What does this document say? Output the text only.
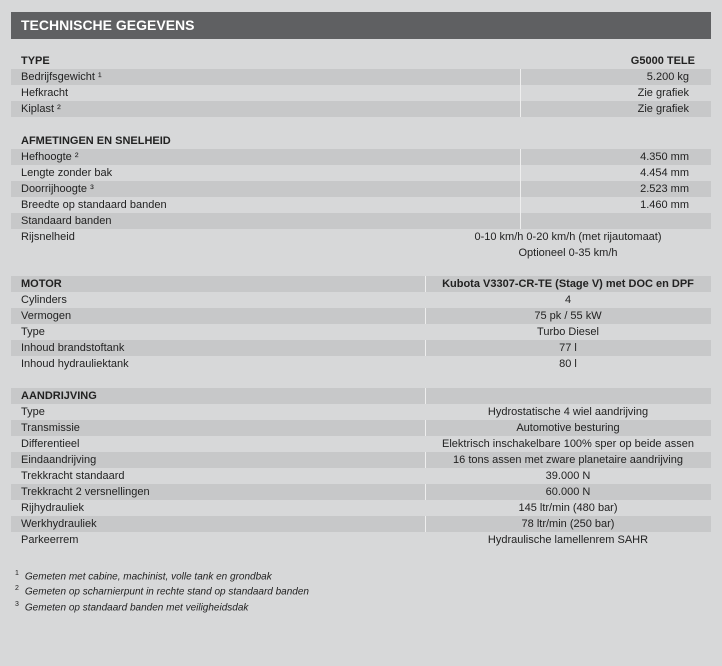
TECHNISCHE GEGEVENS
TYPE	G5000 TELE
Bedrijfsgewicht ¹	5.200 kg
Hefkracht	Zie grafiek
Kiplast ²	Zie grafiek
AFMETINGEN EN SNELHEID
Hefhoogte ²	4.350 mm
Lengte zonder bak	4.454 mm
Doorrijhoogte ³	2.523 mm
Breedte op standaard banden	1.460 mm
Standaard banden
Rijsnelheid	0-10 km/h 0-20 km/h (met rijautomaat)
Optioneel 0-35 km/h
MOTOR	Kubota V3307-CR-TE (Stage V) met DOC en DPF
Cylinders	4
Vermogen	75 pk / 55 kW
Type	Turbo Diesel
Inhoud brandstoftank	77 l
Inhoud hydrauliektank	80 l
AANDRIJVING
Type	Hydrostatische 4 wiel aandrijving
Transmissie	Automotive besturing
Differentieel	Elektrisch inschakelbare 100% sper op beide assen
Eindaandrijving	16 tons assen met zware planetaire aandrijving
Trekkracht standaard	39.000 N
Trekkracht 2 versnellingen	60.000 N
Rijhydrauliek	145 ltr/min (480 bar)
Werkhydrauliek	78 ltr/min (250 bar)
Parkeerrem	Hydraulische lamellenrem SAHR
$^1$ Gemeten met cabine, machinist, volle tank en grondbak
$^2$ Gemeten op scharnierpunt in rechte stand op standaard banden
$^3$ Gemeten op standaard banden met veiligheidsdak
